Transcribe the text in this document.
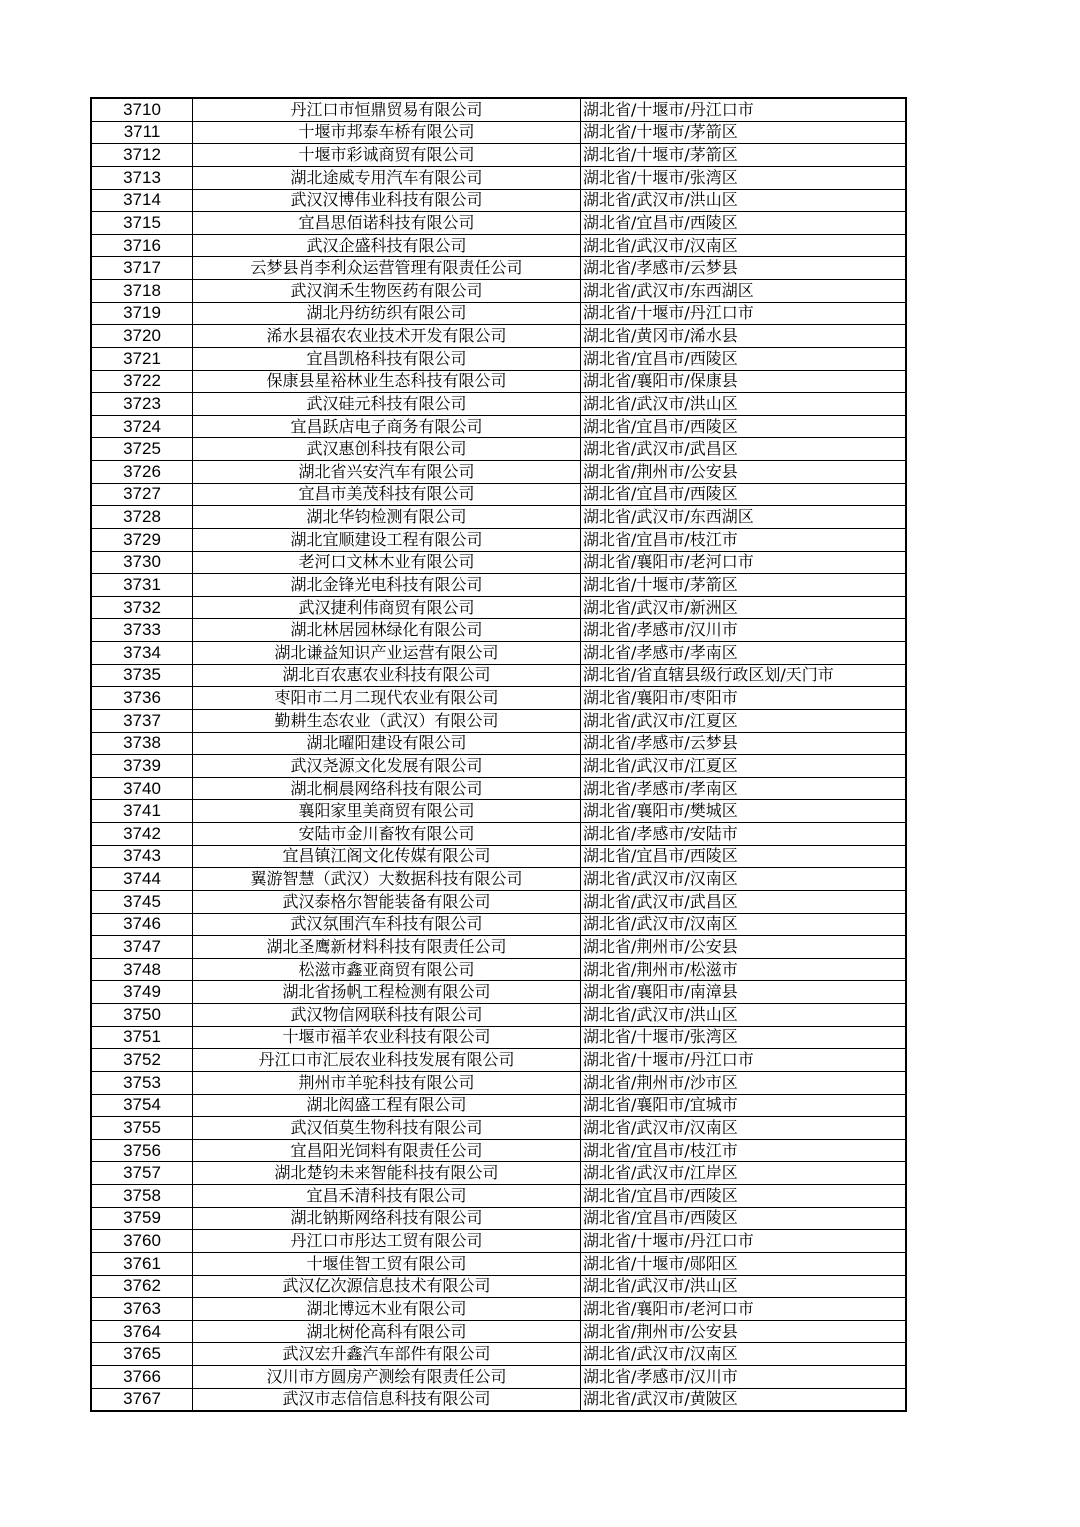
3710	丹江口市恒鼎贸易有限公司	湖北省/十堰市/丹江口市
3711	十堰市邦泰车桥有限公司	湖北省/十堰市/茅箭区
3712	十堰市彩诚商贸有限公司	湖北省/十堰市/茅箭区
3713	湖北途威专用汽车有限公司	湖北省/十堰市/张湾区
3714	武汉汉博伟业科技有限公司	湖北省/武汉市/洪山区
3715	宜昌思佰诺科技有限公司	湖北省/宜昌市/西陵区
3716	武汉企盛科技有限公司	湖北省/武汉市/汉南区
3717	云梦县肖李利众运营管理有限责任公司	湖北省/孝感市/云梦县
3718	武汉润禾生物医药有限公司	湖北省/武汉市/东西湖区
3719	湖北丹纺纺织有限公司	湖北省/十堰市/丹江口市
3720	浠水县福农农业技术开发有限公司	湖北省/黄冈市/浠水县
3721	宜昌凯格科技有限公司	湖北省/宜昌市/西陵区
3722	保康县星裕林业生态科技有限公司	湖北省/襄阳市/保康县
3723	武汉硅元科技有限公司	湖北省/武汉市/洪山区
3724	宜昌跃店电子商务有限公司	湖北省/宜昌市/西陵区
3725	武汉惠创科技有限公司	湖北省/武汉市/武昌区
3726	湖北省兴安汽车有限公司	湖北省/荆州市/公安县
3727	宜昌市美茂科技有限公司	湖北省/宜昌市/西陵区
3728	湖北华钧检测有限公司	湖北省/武汉市/东西湖区
3729	湖北宜顺建设工程有限公司	湖北省/宜昌市/枝江市
3730	老河口文林木业有限公司	湖北省/襄阳市/老河口市
3731	湖北金锋光电科技有限公司	湖北省/十堰市/茅箭区
3732	武汉捷利伟商贸有限公司	湖北省/武汉市/新洲区
3733	湖北林居园林绿化有限公司	湖北省/孝感市/汉川市
3734	湖北谦益知识产业运营有限公司	湖北省/孝感市/孝南区
3735	湖北百农惠农业科技有限公司	湖北省/省直辖县级行政区划/天门市
3736	枣阳市二月二现代农业有限公司	湖北省/襄阳市/枣阳市
3737	勤耕生态农业（武汉）有限公司	湖北省/武汉市/江夏区
3738	湖北曜阳建设有限公司	湖北省/孝感市/云梦县
3739	武汉尧源文化发展有限公司	湖北省/武汉市/江夏区
3740	湖北桐晨网络科技有限公司	湖北省/孝感市/孝南区
3741	襄阳家里美商贸有限公司	湖北省/襄阳市/樊城区
3742	安陆市金川畜牧有限公司	湖北省/孝感市/安陆市
3743	宜昌镇江阁文化传媒有限公司	湖北省/宜昌市/西陵区
3744	翼游智慧（武汉）大数据科技有限公司	湖北省/武汉市/汉南区
3745	武汉泰格尔智能装备有限公司	湖北省/武汉市/武昌区
3746	武汉氛围汽车科技有限公司	湖北省/武汉市/汉南区
3747	湖北圣鹰新材料科技有限责任公司	湖北省/荆州市/公安县
3748	松滋市鑫亚商贸有限公司	湖北省/荆州市/松滋市
3749	湖北省扬帆工程检测有限公司	湖北省/襄阳市/南漳县
3750	武汉物信网联科技有限公司	湖北省/武汉市/洪山区
3751	十堰市福羊农业科技有限公司	湖北省/十堰市/张湾区
3752	丹江口市汇辰农业科技发展有限公司	湖北省/十堰市/丹江口市
3753	荆州市羊驼科技有限公司	湖北省/荆州市/沙市区
3754	湖北闳盛工程有限公司	湖北省/襄阳市/宜城市
3755	武汉佰莫生物科技有限公司	湖北省/武汉市/汉南区
3756	宜昌阳光饲料有限责任公司	湖北省/宜昌市/枝江市
3757	湖北楚钧未来智能科技有限公司	湖北省/武汉市/江岸区
3758	宜昌禾清科技有限公司	湖北省/宜昌市/西陵区
3759	湖北钠斯网络科技有限公司	湖北省/宜昌市/西陵区
3760	丹江口市彤达工贸有限公司	湖北省/十堰市/丹江口市
3761	十堰佳智工贸有限公司	湖北省/十堰市/郧阳区
3762	武汉亿次源信息技术有限公司	湖北省/武汉市/洪山区
3763	湖北博远木业有限公司	湖北省/襄阳市/老河口市
3764	湖北树伦高科有限公司	湖北省/荆州市/公安县
3765	武汉宏升鑫汽车部件有限公司	湖北省/武汉市/汉南区
3766	汉川市方圆房产测绘有限责任公司	湖北省/孝感市/汉川市
3767	武汉市志信信息科技有限公司	湖北省/武汉市/黄陂区
